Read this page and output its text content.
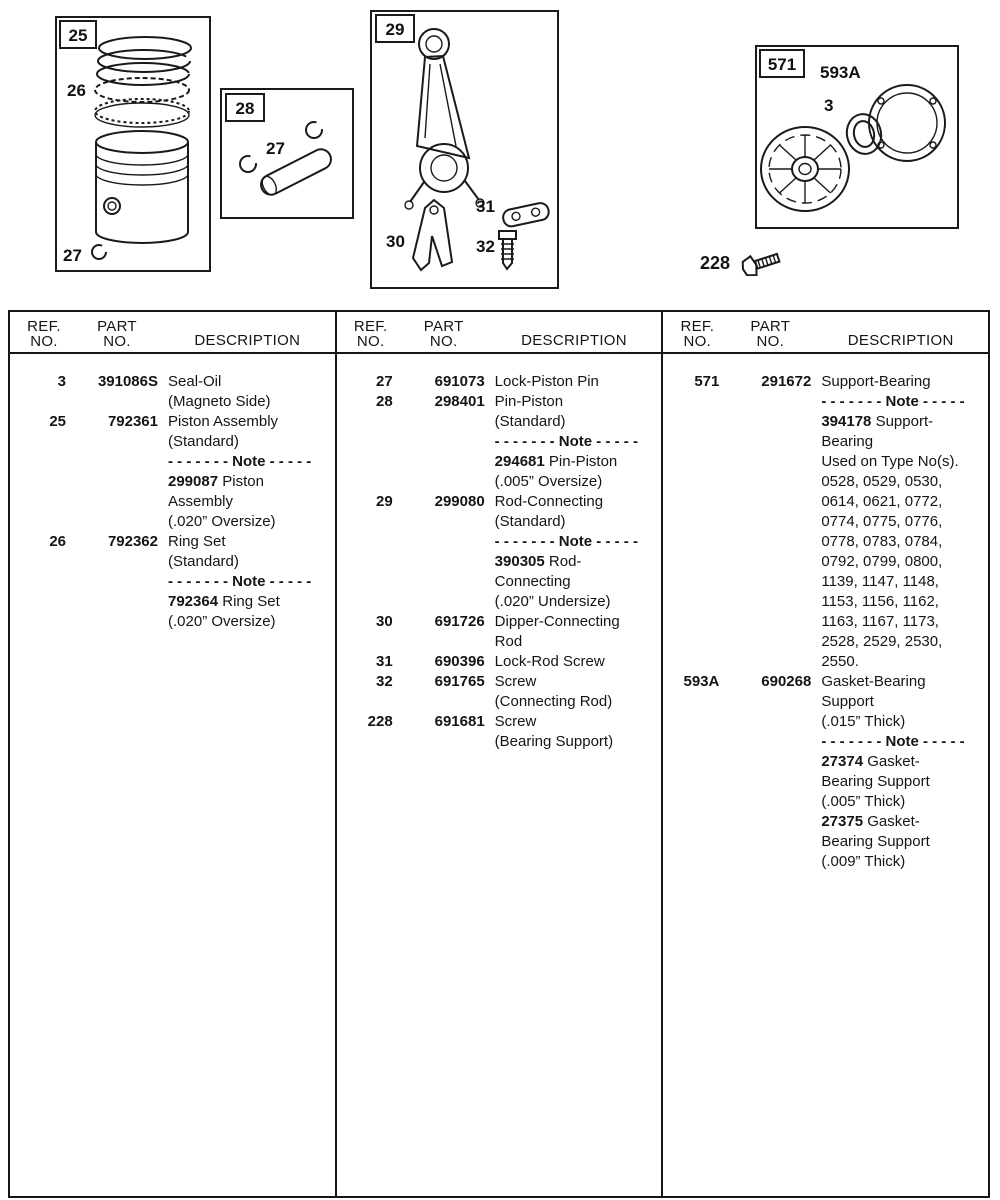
25
26
27
28
27
29
30
31
32
571 593A
3
228
REF.
NO.
PART
NO.	DESCRIPTION
3	391086S Seal-Oil
(Magneto Side)
25	792361 Piston Assembly
(Standard)
- - - - - - - Note - - - - -
299087 Piston
Assembly
(.020” Oversize)
26	792362 Ring Set
(Standard)
- - - - - - - Note - - - - -
792364 Ring Set
(.020” Oversize)
REF.
NO.
PART
NO.	DESCRIPTION
27	691073 Lock-Piston Pin
28	298401 Pin-Piston
(Standard)
- - - - - - - Note - - - - -
294681 Pin-Piston
(.005” Oversize)
29	299080 Rod-Connecting
(Standard)
- - - - - - - Note - - - - -
390305 Rod-
Connecting
(.020” Undersize)
30	691726 Dipper-Connecting
Rod
31	690396 Lock-Rod Screw
32	691765 Screw
(Connecting Rod)
228	691681 Screw
(Bearing Support)
REF.
NO.
PART
NO.	DESCRIPTION
571	291672 Support-Bearing
- - - - - - - Note - - - - -
394178 Support-
Bearing
Used on Type No(s).
0528, 0529, 0530,
0614, 0621, 0772,
0774, 0775, 0776,
0778, 0783, 0784,
0792, 0799, 0800,
1139, 1147, 1148,
1153, 1156, 1162,
1163, 1167, 1173,
2528, 2529, 2530,
2550.
593A	690268 Gasket-Bearing
Support
(.015” Thick)
- - - - - - - Note - - - - -
27374 Gasket-
Bearing Support
(.005” Thick)
27375 Gasket-
Bearing Support
(.009” Thick)
